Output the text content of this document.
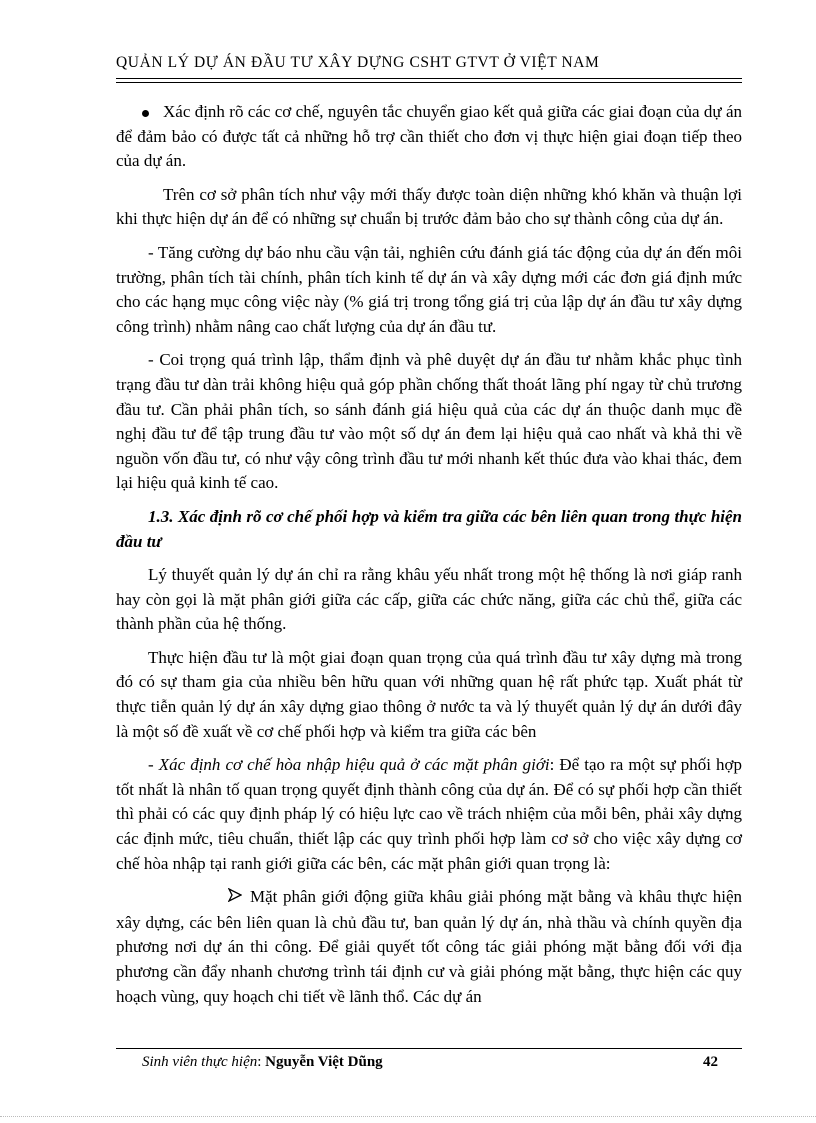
QUẢN LÝ DỰ ÁN ĐẦU TƯ XÂY DỰNG CSHT GTVT Ở VIỆT NAM

Xác định rõ các cơ chế, nguyên tắc chuyển giao kết quả giữa các giai đoạn của dự án để đảm bảo có được tất cả những hỗ trợ cần thiết cho đơn vị thực hiện giai đoạn tiếp theo của dự án.

Trên cơ sở phân tích như vậy mới thấy được toàn diện những khó khăn và thuận lợi khi thực hiện dự án để có những sự chuẩn bị trước đảm bảo cho sự thành công của dự án.

- Tăng cường dự báo nhu cầu vận tải, nghiên cứu đánh giá tác động của dự án đến môi trường, phân tích tài chính, phân tích kinh tế dự án và xây dựng mới các đơn giá định mức cho các hạng mục công việc này (% giá trị trong tổng giá trị của lập dự án đầu tư xây dựng công trình) nhằm nâng cao chất lượng của dự án đầu tư.

- Coi trọng quá trình lập, thẩm định và phê duyệt dự án đầu tư nhằm khắc phục tình trạng đầu tư dàn trải không hiệu quả góp phần chống thất thoát lãng phí ngay từ chủ trương đầu tư. Cần phải phân tích, so sánh đánh giá hiệu quả của các dự án thuộc danh mục đề nghị đầu tư để tập trung đầu tư vào một số dự án đem lại hiệu quả cao nhất và khả thi về nguồn vốn đầu tư, có như vậy công trình đầu tư mới nhanh kết thúc đưa vào khai thác, đem lại hiệu quả kinh tế cao.

1.3. Xác định rõ cơ chế phối hợp và kiểm tra giữa các bên liên quan trong thực hiện đầu tư

Lý thuyết quản lý dự án chỉ ra rằng khâu yếu nhất trong một hệ thống là nơi giáp ranh hay còn gọi là mặt phân giới giữa các cấp, giữa các chức năng, giữa các chủ thể, giữa các thành phần của hệ thống.

Thực hiện đầu tư là một giai đoạn quan trọng của quá trình đầu tư xây dựng mà trong đó có sự tham gia của nhiều bên hữu quan với những quan hệ rất phức tạp. Xuất phát từ thực tiễn quản lý dự án xây dựng giao thông ở nước ta và lý thuyết quản lý dự án dưới đây là một số đề xuất về cơ chế phối hợp và kiểm tra giữa các bên

- Xác định cơ chế hòa nhập hiệu quả ở các mặt phân giới: Để tạo ra một sự phối hợp tốt nhất là nhân tố quan trọng quyết định thành công của dự án. Để có sự phối hợp cần thiết thì phải có các quy định pháp lý có hiệu lực cao về trách nhiệm của mỗi bên, phải xây dựng các định mức, tiêu chuẩn, thiết lập các quy trình phối hợp làm cơ sở cho việc xây dựng cơ chế hòa nhập tại ranh giới giữa các bên, các mặt phân giới quan trọng là:

Mặt phân giới động giữa khâu giải phóng mặt bằng và khâu thực hiện xây dựng, các bên liên quan là chủ đầu tư, ban quản lý dự án, nhà thầu và chính quyền địa phương nơi dự án thi công. Để giải quyết tốt công tác giải phóng mặt bằng đối với địa phương cần đẩy nhanh chương trình tái định cư và giải phóng mặt bằng, thực hiện các quy hoạch vùng, quy hoạch chi tiết về lãnh thổ. Các dự án

Sinh viên thực hiện: Nguyễn Việt Dũng	42
